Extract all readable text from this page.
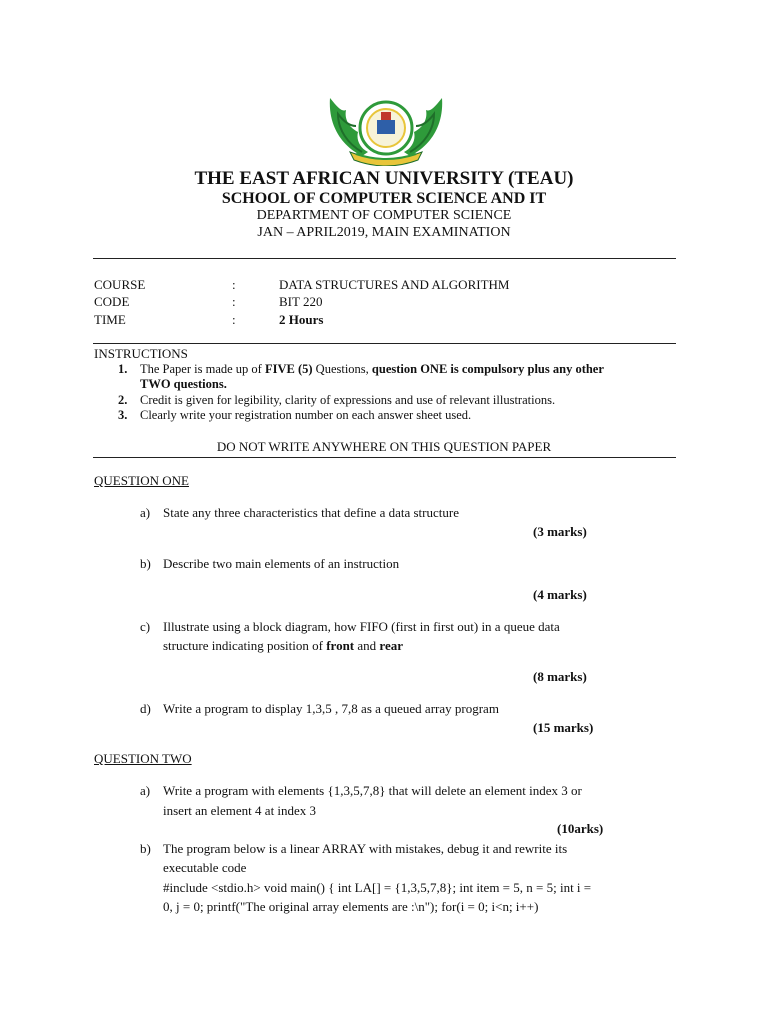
THE EAST AFRICAN UNIVERSITY (TEAU)
SCHOOL OF COMPUTER SCIENCE AND IT
DEPARTMENT OF COMPUTER SCIENCE
JAN – APRIL2019, MAIN EXAMINATION
COURSE	:	DATA STRUCTURES AND ALGORITHM
CODE	:	BIT 220
TIME	:	2 Hours
INSTRUCTIONS
1. The Paper is made up of FIVE (5) Questions, question ONE is compulsory plus any other
TWO questions.
2. Credit is given for legibility, clarity of expressions and use of relevant illustrations.
3. Clearly write your registration number on each answer sheet used.
DO NOT WRITE ANYWHERE ON THIS QUESTION PAPER
QUESTION ONE
a) State any three characteristics that define a data structure
(3 marks)
b) Describe two main elements of an instruction
(4 marks)
c) Illustrate using a block diagram, how FIFO (first in first out) in a queue data
structure indicating position of front and rear
(8 marks)
d) Write a program to display 1,3,5 , 7,8 as a queued array program
(15 marks)
QUESTION TWO
a) Write a program with elements {1,3,5,7,8} that will delete an element index 3 or
insert an element 4 at index 3
(10arks)
b) The program below is a linear ARRAY with mistakes, debug it and rewrite its
executable code
#include <stdio.h> void main() { int LA[] = {1,3,5,7,8}; int item = 5, n = 5; int i =
0, j = 0; printf("The original array elements are :\n"); for(i = 0; i<n; i++)
